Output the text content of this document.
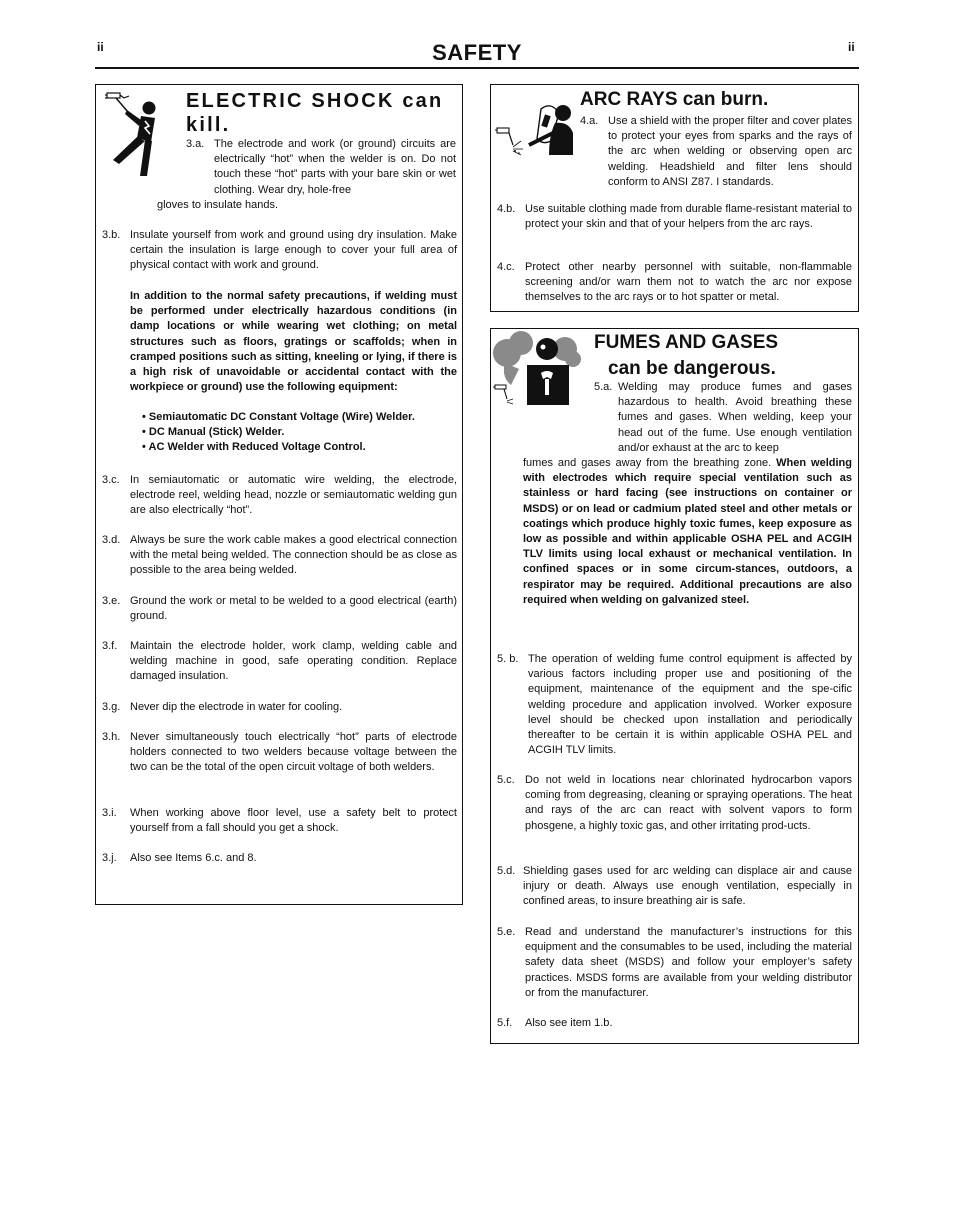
ii	SAFETY	ii
ELECTRIC SHOCK can kill.
3.a. The electrode and work (or ground) circuits are electrically “hot” when the welder is on. Do not touch these “hot” parts with your bare skin or wet clothing. Wear dry, hole-free
gloves to insulate hands.
3.b. Insulate yourself from work and ground using dry insulation. Make certain the insulation is large enough to cover your full area of physical contact with work and ground.
In addition to the normal safety precautions, if welding must be performed under electrically hazardous conditions (in damp locations or while wearing wet clothing; on metal structures such as floors, gratings or scaffolds; when in cramped positions such as sitting, kneeling or lying, if there is a high risk of unavoidable or accidental contact with the workpiece or ground) use the following equipment:
• Semiautomatic DC Constant Voltage (Wire) Welder.
• DC Manual (Stick) Welder.
• AC Welder with Reduced Voltage Control.
3.c. In semiautomatic or automatic wire welding, the electrode, electrode reel, welding head, nozzle or semiautomatic welding gun are also electrically “hot”.
3.d. Always be sure the work cable makes a good electrical connection with the metal being welded. The connection should be as close as possible to the area being welded.
3.e. Ground the work or metal to be welded to a good electrical (earth) ground.
3.f.	Maintain the electrode holder, work clamp, welding cable and welding machine in good, safe operating condition. Replace damaged insulation.
3.g. Never dip the electrode in water for cooling.
3.h. Never simultaneously touch electrically “hot” parts of electrode holders connected to two welders because voltage between the two can be the total of the open circuit voltage of both welders.
3.i.	When working above floor level, use a safety belt to protect yourself from a fall should you get a shock.
3.j.	Also see Items 6.c. and 8.
ARC RAYS can burn.
4.a. Use a shield with the proper filter and cover plates to protect your eyes from sparks and the rays of the arc when welding or observing open arc welding. Headshield and filter lens should conform to ANSI Z87. I standards.
4.b. Use suitable clothing made from durable flame-resistant material to protect your skin and that of your helpers from the arc rays.
4.c. Protect other nearby personnel with suitable, non-flammable screening and/or warn them not to watch the arc nor expose themselves to the arc rays or to hot spatter or metal.
FUMES AND GASES
can be dangerous.
5.a. Welding may produce fumes and gases hazardous to health. Avoid breathing these fumes and gases. When welding, keep your head out of the fume. Use enough ventilation and/or exhaust at the arc to keep
fumes and gases away from the breathing zone. When welding with electrodes which require special ventilation such as stainless or hard facing (see instructions on container or MSDS) or on lead or cadmium plated steel and other metals or coatings which produce highly toxic fumes, keep exposure as low as possible and within applicable OSHA PEL and ACGIH TLV limits using local exhaust or mechanical ventilation. In confined spaces or in some circum-stances, outdoors, a respirator may be required. Additional precautions are also required when welding on galvanized steel.
5. b. The operation of welding fume control equipment is affected by various factors including proper use and positioning of the equipment, maintenance of the equipment and the spe-cific welding procedure and application involved. Worker exposure level should be checked upon installation and periodically thereafter to be certain it is within applicable OSHA PEL and ACGIH TLV limits.
5.c. Do not weld in locations near chlorinated hydrocarbon vapors coming from degreasing, cleaning or spraying operations. The heat and rays of the arc can react with solvent vapors to form phosgene, a highly toxic gas, and other irritating prod-ucts.
5.d. Shielding gases used for arc welding can displace air and cause injury or death. Always use enough ventilation, especially in confined areas, to insure breathing air is safe.
5.e. Read and understand the manufacturer’s instructions for this equipment and the consumables to be used, including the material safety data sheet (MSDS) and follow your employer’s safety practices. MSDS forms are available from your welding distributor or from the manufacturer.
5.f.	Also see item 1.b.
